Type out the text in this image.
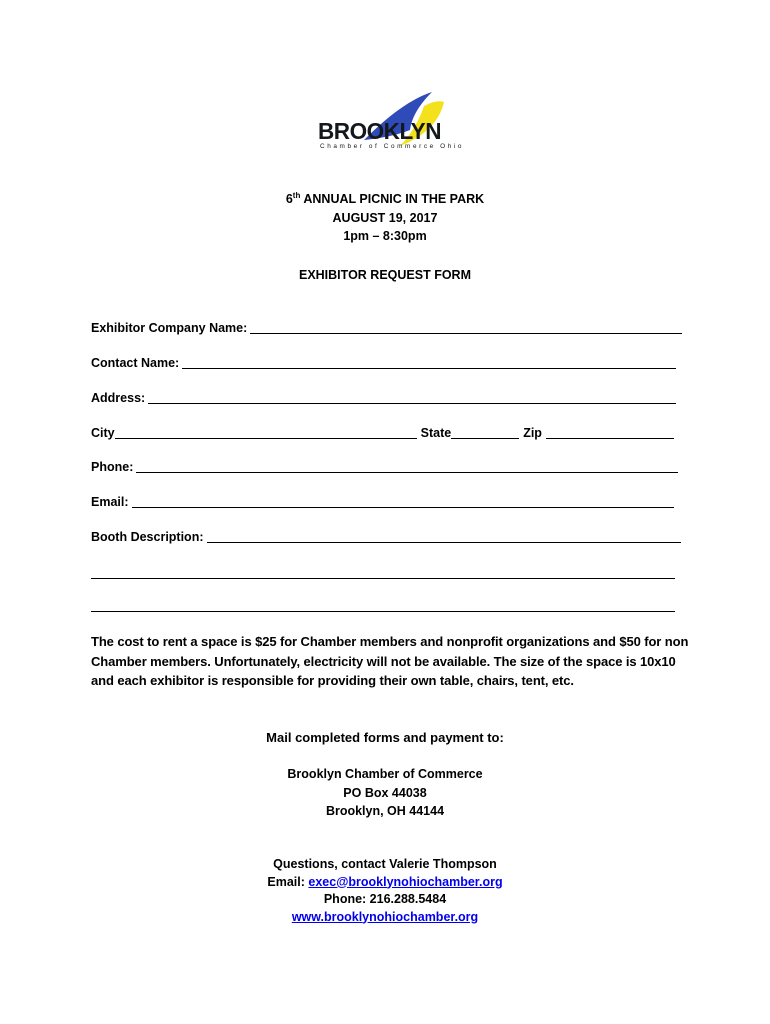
BROOKLYN
Chamber of Commerce Ohio
6th ANNUAL PICNIC IN THE PARK
AUGUST 19, 2017
1pm – 8:30pm
EXHIBITOR REQUEST FORM
Exhibitor Company Name:
Contact Name:
Address:
City	State	Zip
Phone:
Email:
Booth Description:
The cost to rent a space is $25 for Chamber members and nonprofit organizations and $50 for non Chamber members. Unfortunately, electricity will not be available. The size of the space is 10x10 and each exhibitor is responsible for providing their own table, chairs, tent, etc.
Mail completed forms and payment to:
Brooklyn Chamber of Commerce
PO Box 44038
Brooklyn, OH 44144
Questions, contact Valerie Thompson
Email: exec@brooklynohiochamber.org
Phone: 216.288.5484
www.brooklynohiochamber.org
